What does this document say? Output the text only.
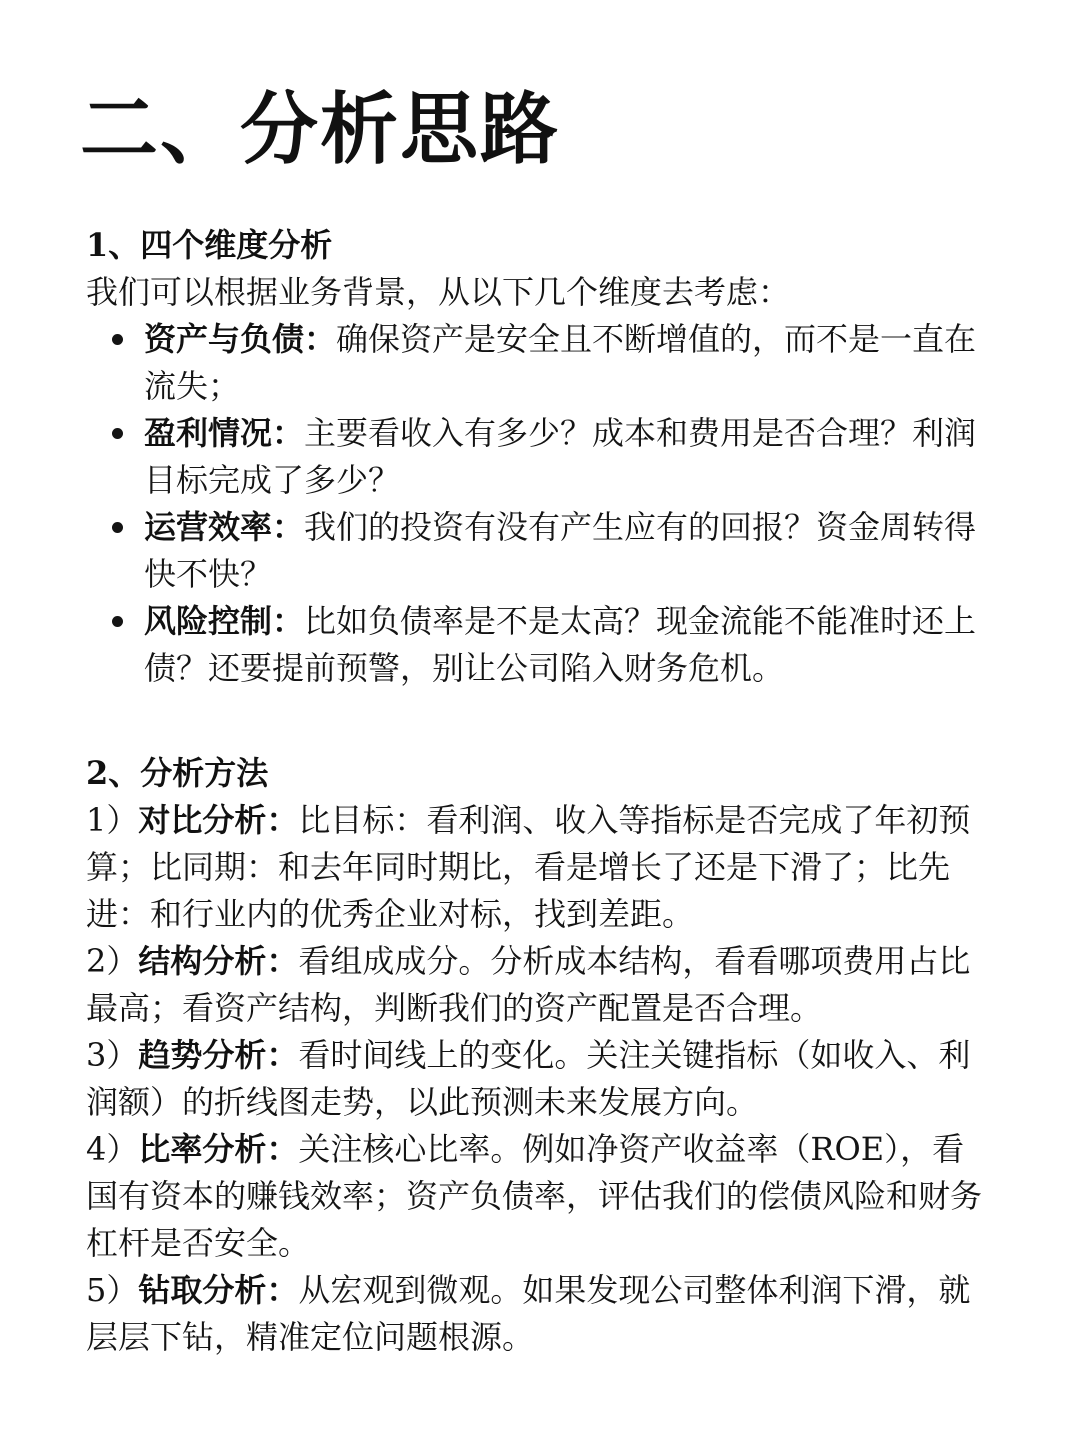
二、分析思路

1、四个维度分析

我们可以根据业务背景，从以下几个维度去考虑：

资产与负债：确保资产是安全且不断增值的，而不是一直在流失；
盈利情况：主要看收入有多少？成本和费用是否合理？利润目标完成了多少？
运营效率：我们的投资有没有产生应有的回报？资金周转得快不快？
风险控制：比如负债率是不是太高？现金流能不能准时还上债？还要提前预警，别让公司陷入财务危机。

2、分析方法

1）对比分析：比目标：看利润、收入等指标是否完成了年初预算；比同期：和去年同时期比，看是增长了还是下滑了；比先进：和行业内的优秀企业对标，找到差距。

2）结构分析：看组成成分。分析成本结构，看看哪项费用占比最高；看资产结构，判断我们的资产配置是否合理。

3）趋势分析：看时间线上的变化。关注关键指标（如收入、利润额）的折线图走势，以此预测未来发展方向。

4）比率分析：关注核心比率。例如净资产收益率（ROE），看国有资本的赚钱效率；资产负债率，评估我们的偿债风险和财务杠杆是否安全。

5）钻取分析：从宏观到微观。如果发现公司整体利润下滑，就层层下钻，精准定位问题根源。
